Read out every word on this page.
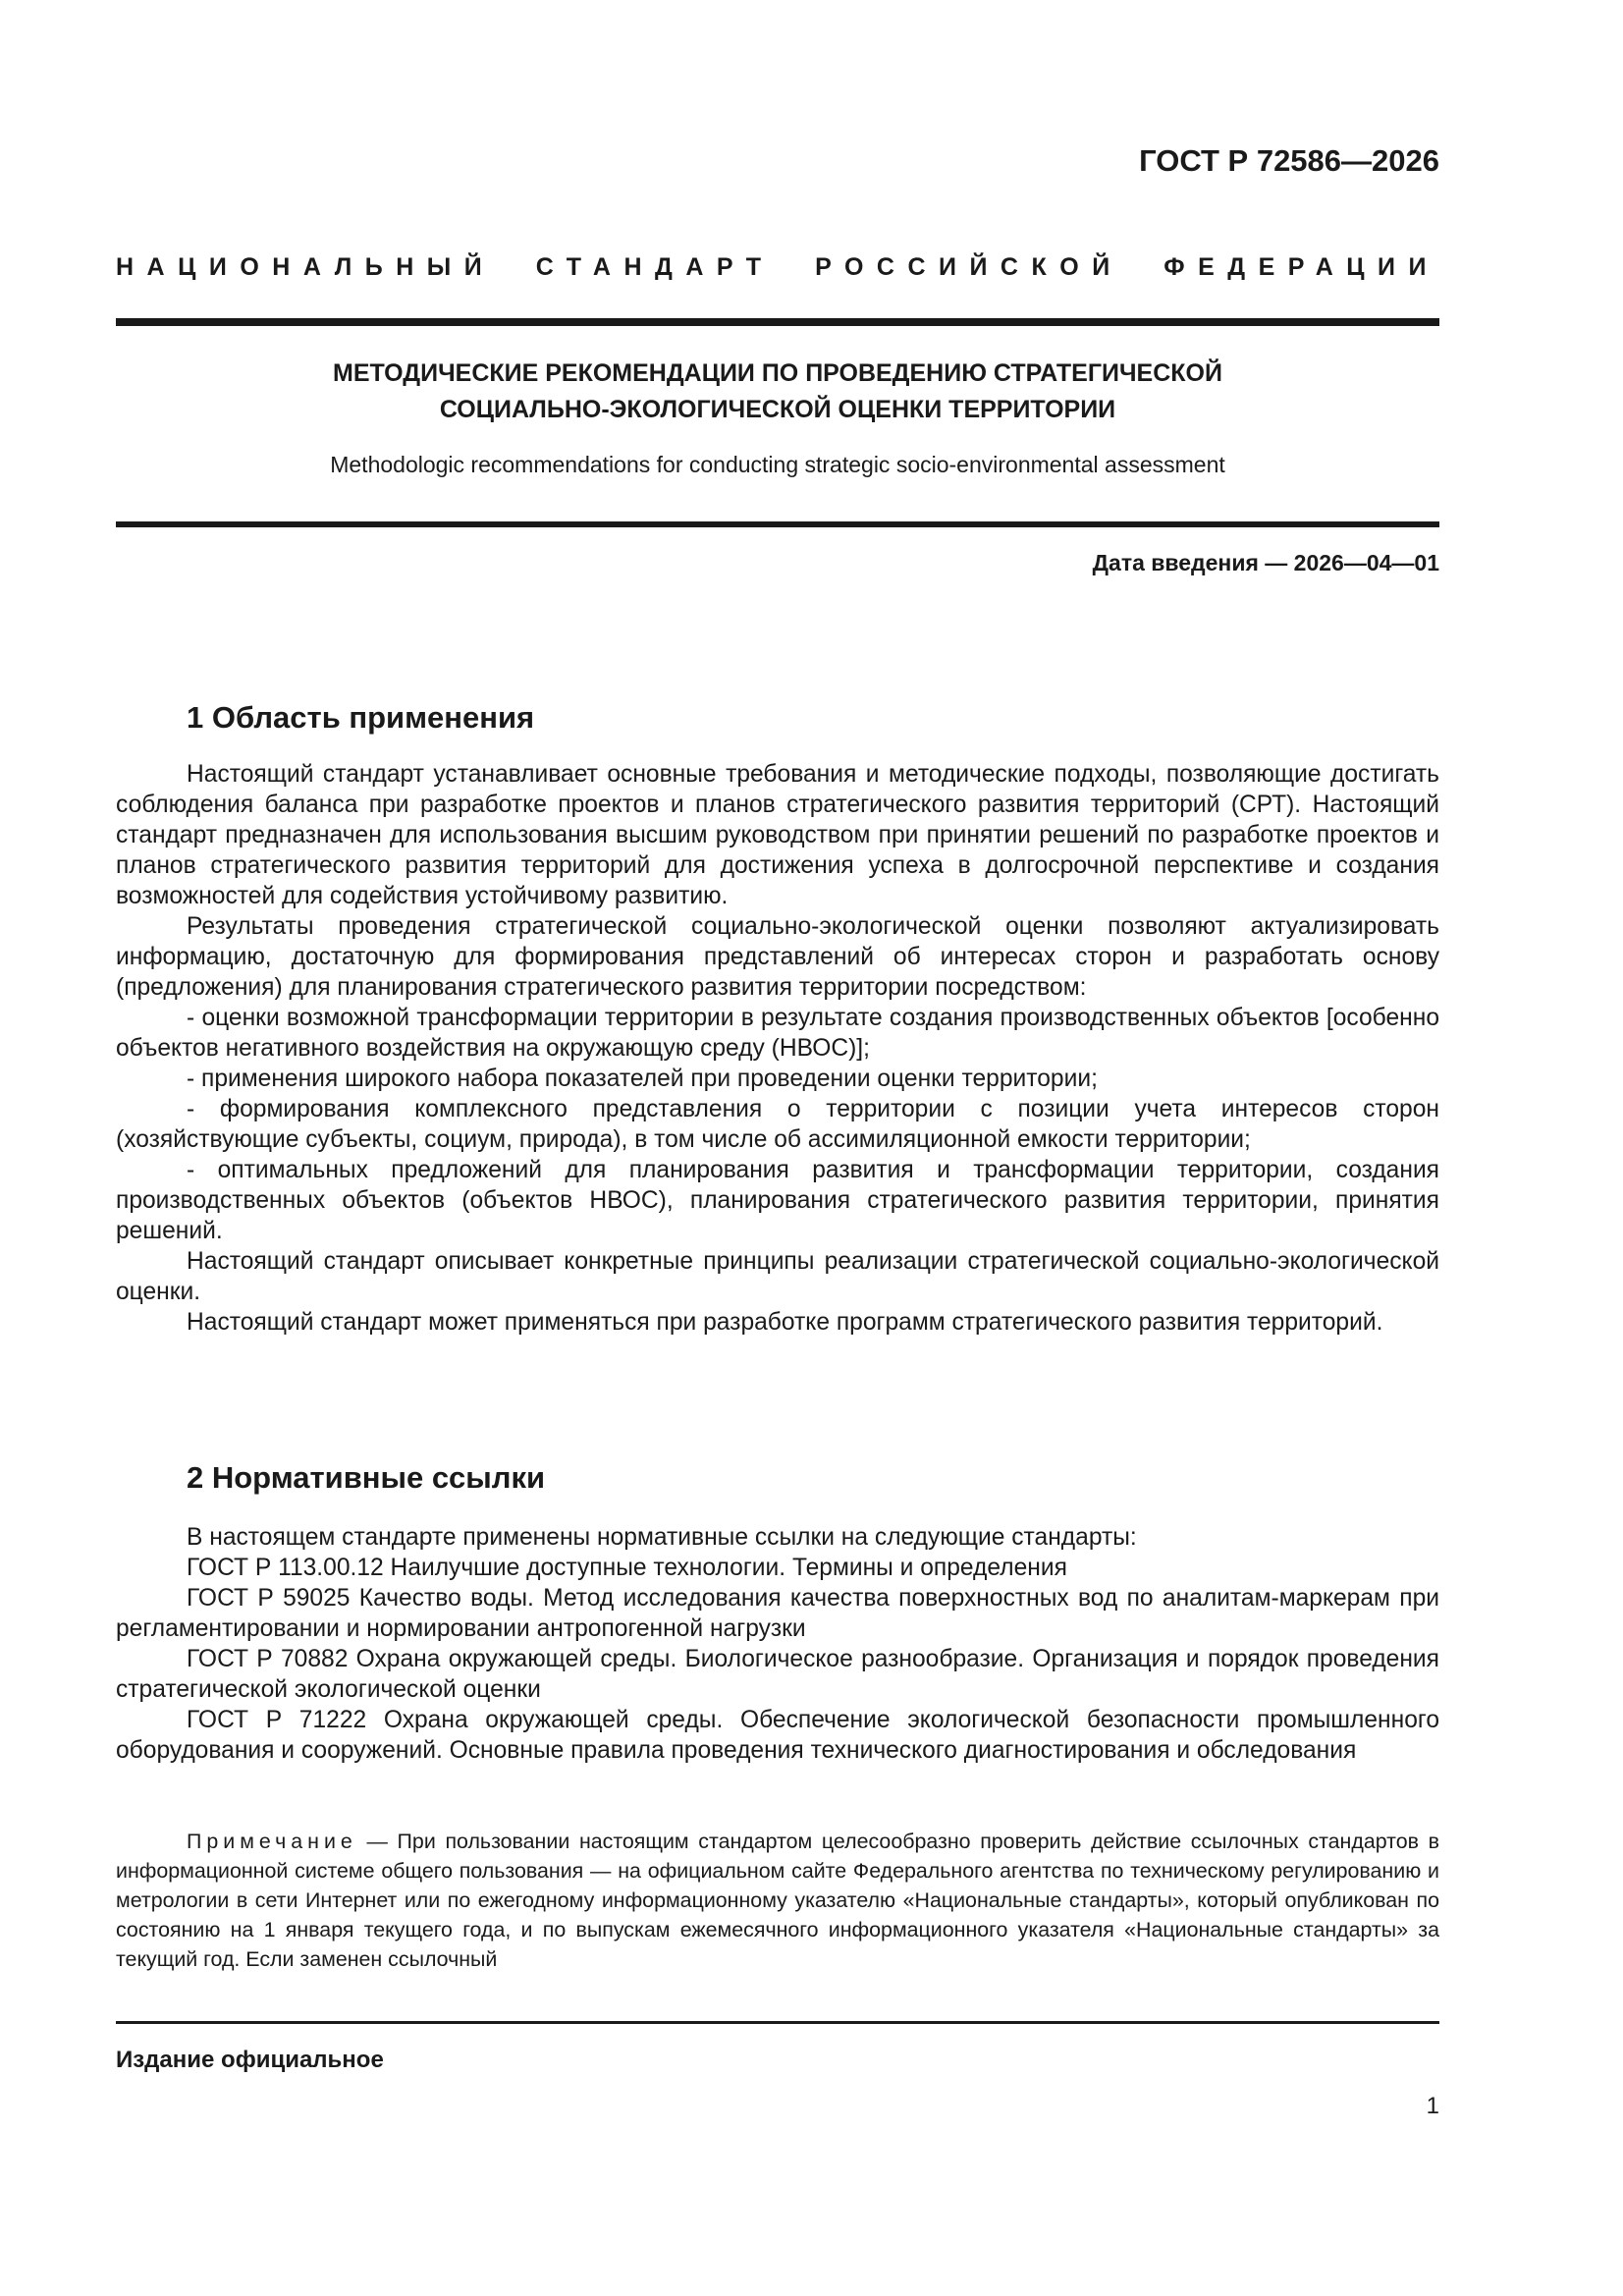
ГОСТ Р 72586—2026
НАЦИОНАЛЬНЫЙ СТАНДАРТ РОССИЙСКОЙ ФЕДЕРАЦИИ
МЕТОДИЧЕСКИЕ РЕКОМЕНДАЦИИ ПО ПРОВЕДЕНИЮ СТРАТЕГИЧЕСКОЙ
СОЦИАЛЬНО-ЭКОЛОГИЧЕСКОЙ ОЦЕНКИ ТЕРРИТОРИИ
Methodologic recommendations for conducting strategic socio-environmental assessment
Дата введения — 2026—04—01
1 Область применения

Настоящий стандарт устанавливает основные требования и методические подходы, позволяющие достигать соблюдения баланса при разработке проектов и планов стратегического развития территорий (СРТ). Настоящий стандарт предназначен для использования высшим руководством при принятии решений по разработке проектов и планов стратегического развития территорий для достижения успеха в долгосрочной перспективе и создания возможностей для содействия устойчивому развитию.

Результаты проведения стратегической социально-экологической оценки позволяют актуализировать информацию, достаточную для формирования представлений об интересах сторон и разработать основу (предложения) для планирования стратегического развития территории посредством:

- оценки возможной трансформации территории в результате создания производственных объектов [особенно объектов негативного воздействия на окружающую среду (НВОС)];

- применения широкого набора показателей при проведении оценки территории;

- формирования комплексного представления о территории с позиции учета интересов сторон (хозяйствующие субъекты, социум, природа), в том числе об ассимиляционной емкости территории;

- оптимальных предложений для планирования развития и трансформации территории, создания производственных объектов (объектов НВОС), планирования стратегического развития территории, принятия решений.

Настоящий стандарт описывает конкретные принципы реализации стратегической социально-экологической оценки.

Настоящий стандарт может применяться при разработке программ стратегического развития территорий.

2 Нормативные ссылки

В настоящем стандарте применены нормативные ссылки на следующие стандарты:

ГОСТ Р 113.00.12 Наилучшие доступные технологии. Термины и определения

ГОСТ Р 59025 Качество воды. Метод исследования качества поверхностных вод по аналитам-маркерам при регламентировании и нормировании антропогенной нагрузки

ГОСТ Р 70882 Охрана окружающей среды. Биологическое разнообразие. Организация и порядок проведения стратегической экологической оценки

ГОСТ Р 71222 Охрана окружающей среды. Обеспечение экологической безопасности промышленного оборудования и сооружений. Основные правила проведения технического диагностирования и обследования

Примечание — При пользовании настоящим стандартом целесообразно проверить действие ссылочных стандартов в информационной системе общего пользования — на официальном сайте Федерального агентства по техническому регулированию и метрологии в сети Интернет или по ежегодному информационному указателю «Национальные стандарты», который опубликован по состоянию на 1 января текущего года, и по выпускам ежемесячного информационного указателя «Национальные стандарты» за текущий год. Если заменен ссылочный

Издание официальное
1
